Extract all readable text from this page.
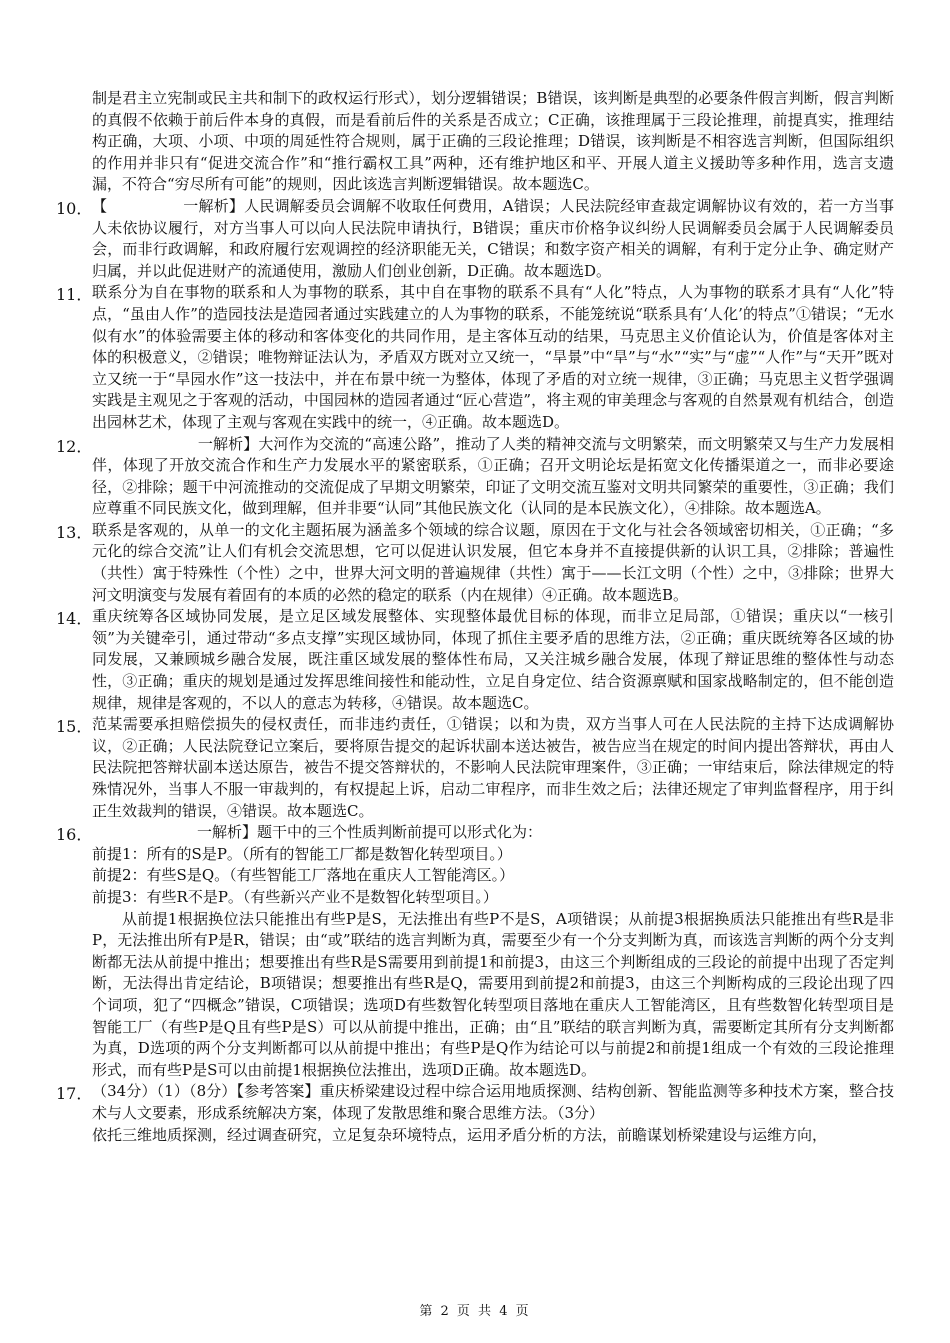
制是君主立宪制或民主共和制下的政权运行形式），划分逻辑错误；B错误，该判断是典型的必要条件假言判断，假言判断的真假不依赖于前后件本身的真假，而是看前后件的关系是否成立；C正确，该推理属于三段论推理，前提真实，推理结构正确，大项、小项、中项的周延性符合规则，属于正确的三段论推理；D错误，该判断是不相容选言判断，但国际组织的作用并非只有“促进交流合作”和“推行霸权工具”两种，还有维护地区和平、开展人道主义援助等多种作用，选言支遗漏，不符合“穷尽所有可能”的规则，因此该选言判断逻辑错误。故本题选C。

10． 【　　　　　一解析】人民调解委员会调解不收取任何费用，A错误；人民法院经审查裁定调解协议有效的，若一方当事人未依协议履行，对方当事人可以向人民法院申请执行，B错误；重庆市价格争议纠纷人民调解委员会属于人民调解委员会，而非行政调解，和政府履行宏观调控的经济职能无关，C错误；和数字资产相关的调解，有利于定分止争、确定财产归属，并以此促进财产的流通使用，激励人们创业创新，D正确。故本题选D。

11． 联系分为自在事物的联系和人为事物的联系，其中自在事物的联系不具有“人化”特点，人为事物的联系才具有“人化”特点，“虽由人作”的造园技法是造园者通过实践建立的人为事物的联系，不能笼统说“联系具有‘人化’的特点”①错误；“无水似有水”的体验需要主体的移动和客体变化的共同作用，是主客体互动的结果，马克思主义价值论认为，价值是客体对主体的积极意义，②错误；唯物辩证法认为，矛盾双方既对立又统一，“旱景”中“旱”与“水”“实”与“虚”“人作”与“天开”既对立又统一于“旱园水作”这一技法中，并在布景中统一为整体，体现了矛盾的对立统一规律，③正确；马克思主义哲学强调实践是主观见之于客观的活动，中国园林的造园者通过“匠心营造”，将主观的审美理念与客观的自然景观有机结合，创造出园林艺术，体现了主观与客观在实践中的统一，④正确。故本题选D。

12． 　　　　　　　一解析】大河作为交流的“高速公路”，推动了人类的精神交流与文明繁荣，而文明繁荣又与生产力发展相伴，体现了开放交流合作和生产力发展水平的紧密联系，①正确；召开文明论坛是拓宽文化传播渠道之一，而非必要途径，②排除；题干中河流推动的交流促成了早期文明繁荣，印证了文明交流互鉴对文明共同繁荣的重要性，③正确；我们应尊重不同民族文化，做到理解，但并非要“认同”其他民族文化（认同的是本民族文化），④排除。故本题选A。

13． 联系是客观的，从单一的文化主题拓展为涵盖多个领域的综合议题，原因在于文化与社会各领域密切相关，①正确；“多元化的综合交流”让人们有机会交流思想，它可以促进认识发展，但它本身并不直接提供新的认识工具，②排除；普遍性（共性）寓于特殊性（个性）之中，世界大河文明的普遍规律（共性）寓于——长江文明（个性）之中，③排除；世界大河文明演变与发展有着固有的本质的必然的稳定的联系（内在规律）④正确。故本题选B。

14． 重庆统筹各区域协同发展，是立足区域发展整体、实现整体最优目标的体现，而非立足局部，①错误；重庆以“一核引领”为关键牵引，通过带动“多点支撑”实现区域协同，体现了抓住主要矛盾的思维方法，②正确；重庆既统筹各区域的协同发展，又兼顾城乡融合发展，既注重区域发展的整体性布局，又关注城乡融合发展，体现了辩证思维的整体性与动态性，③正确；重庆的规划是通过发挥思维间接性和能动性，立足自身定位、结合资源禀赋和国家战略制定的，但不能创造规律，规律是客观的，不以人的意志为转移，④错误。故本题选C。

15． 范某需要承担赔偿损失的侵权责任，而非违约责任，①错误；以和为贵，双方当事人可在人民法院的主持下达成调解协议，②正确；人民法院登记立案后，要将原告提交的起诉状副本送达被告，被告应当在规定的时间内提出答辩状，再由人民法院把答辩状副本送达原告，被告不提交答辩状的，不影响人民法院审理案件，③正确；一审结束后，除法律规定的特殊情况外，当事人不服一审裁判的，有权提起上诉，启动二审程序，而非生效之后；法律还规定了审判监督程序，用于纠正生效裁判的错误，④错误。故本题选C。

16． 　　　　　　　一解析】题干中的三个性质判断前提可以形式化为：

前提1：所有的S是P。（所有的智能工厂都是数智化转型项目。）

前提2：有些S是Q。（有些智能工厂落地在重庆人工智能湾区。）

前提3：有些R不是P。（有些新兴产业不是数智化转型项目。）

从前提1根据换位法只能推出有些P是S，无法推出有些P不是S，A项错误；从前提3根据换质法只能推出有些R是非P，无法推出所有P是R，错误；由“或”联结的选言判断为真，需要至少有一个分支判断为真，而该选言判断的两个分支判断都无法从前提中推出；想要推出有些R是S需要用到前提1和前提3，由这三个判断组成的三段论的前提中出现了否定判断，无法得出肯定结论，B项错误；想要推出有些R是Q，需要用到前提2和前提3，由这三个判断构成的三段论出现了四个词项，犯了“四概念”错误，C项错误；选项D有些数智化转型项目落地在重庆人工智能湾区，且有些数智化转型项目是智能工厂（有些P是Q且有些P是S）可以从前提中推出，正确；由“且”联结的联言判断为真，需要断定其所有分支判断都为真，D选项的两个分支判断都可以从前提中推出；有些P是Q作为结论可以与前提2和前提1组成一个有效的三段论推理形式，而有些P是S可以由前提1根据换位法推出，选项D正确。故本题选D。

17． （34分）（1）（8分）【参考答案】重庆桥梁建设过程中综合运用地质探测、结构创新、智能监测等多种技术方案，整合技术与人文要素，形成系统解决方案，体现了发散思维和聚合思维方法。（3分）

依托三维地质探测，经过调查研究，立足复杂环境特点，运用矛盾分析的方法，前瞻谋划桥梁建设与运维方向，

第 2 页 共 4 页
